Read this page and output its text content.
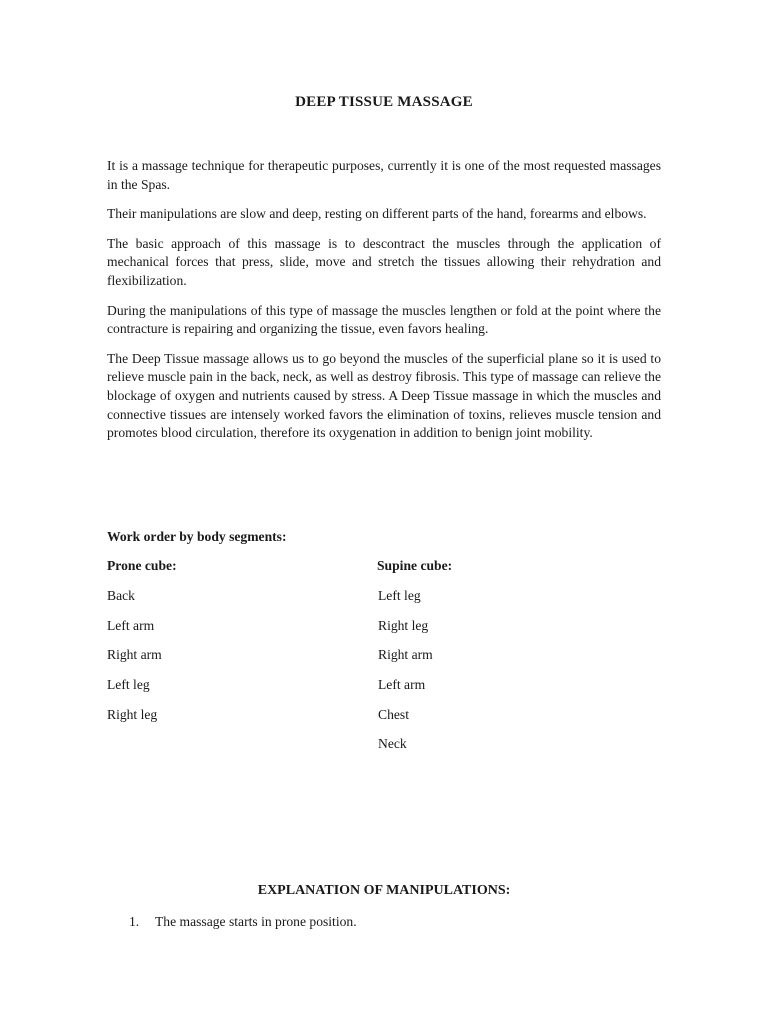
DEEP TISSUE MASSAGE

It is a massage technique for therapeutic purposes, currently it is one of the most requested massages in the Spas.

Their manipulations are slow and deep, resting on different parts of the hand, forearms and elbows.

The basic approach of this massage is to descontract the muscles through the application of mechanical forces that press, slide, move and stretch the tissues allowing their rehydration and flexibilization.

During the manipulations of this type of massage the muscles lengthen or fold at the point where the contracture is repairing and organizing the tissue, even favors healing.

The Deep Tissue massage allows us to go beyond the muscles of the superficial plane so it is used to relieve muscle pain in the back, neck, as well as destroy fibrosis. This type of massage can relieve the blockage of oxygen and nutrients caused by stress. A Deep Tissue massage in which the muscles and connective tissues are intensely worked favors the elimination of toxins, relieves muscle tension and promotes blood circulation, therefore its oxygenation in addition to benign joint mobility.

Work order by body segments:
Prone cube:
Back
Left arm
Right arm
Left leg
Right leg
Supine cube:
Left leg
Right leg
Right arm
Left arm
Chest
Neck
EXPLANATION OF MANIPULATIONS:
1. The massage starts in prone position.
